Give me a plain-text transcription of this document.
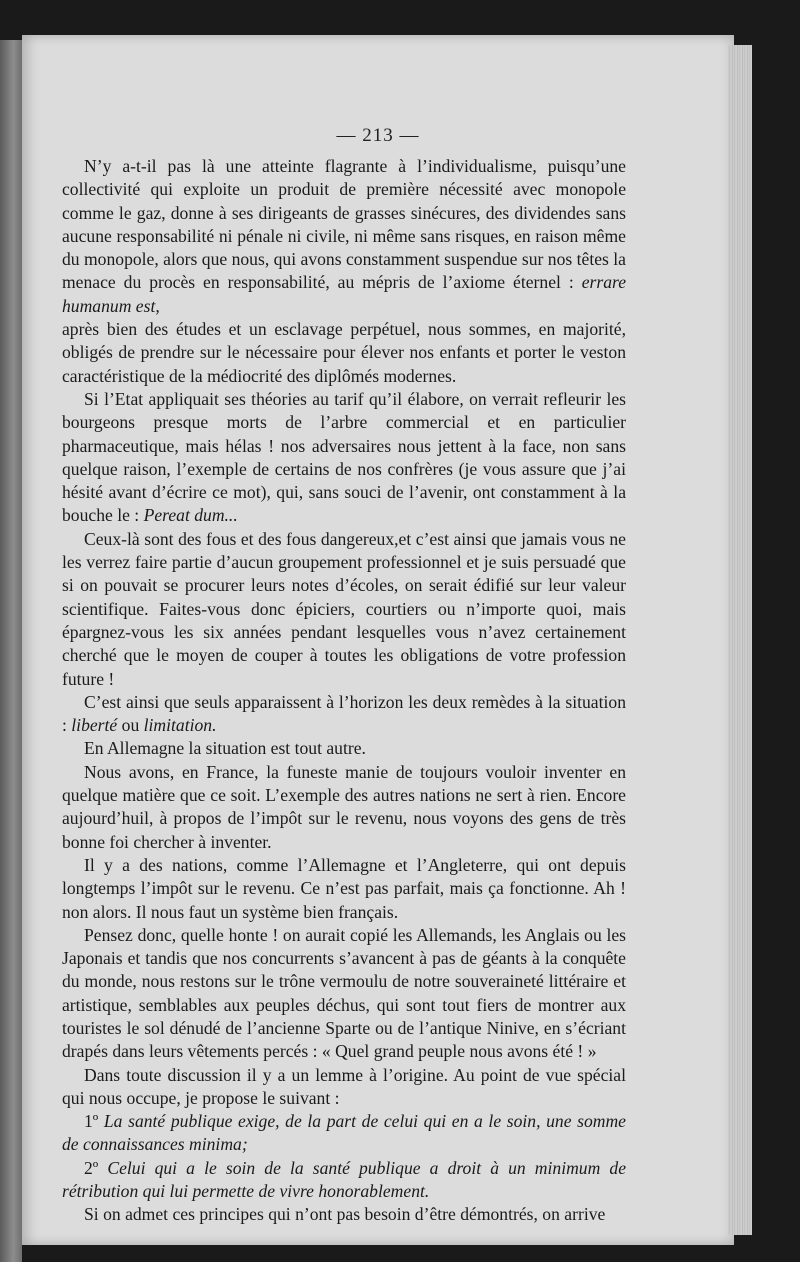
— 213 —

N’y a-t-il pas là une atteinte flagrante à l’individualisme, puisqu’une collectivité qui exploite un produit de première nécessité avec monopole comme le gaz, donne à ses dirigeants de grasses sinécures, des dividendes sans aucune responsabilité ni pénale ni civile, ni même sans risques, en raison même du monopole, alors que nous, qui avons constamment suspendue sur nos têtes la menace du procès en responsabilité, au mépris de l’axiome éternel : errare humanum est,

après bien des études et un esclavage perpétuel, nous sommes, en majorité, obligés de prendre sur le nécessaire pour élever nos enfants et porter le veston caractéristique de la médiocrité des diplômés modernes.

Si l’Etat appliquait ses théories au tarif qu’il élabore, on verrait refleurir les bourgeons presque morts de l’arbre commercial et en particulier pharmaceutique, mais hélas ! nos adversaires nous jettent à la face, non sans quelque raison, l’exemple de certains de nos confrères (je vous assure que j’ai hésité avant d’écrire ce mot), qui, sans souci de l’avenir, ont constamment à la bouche le : Pereat dum...

Ceux-là sont des fous et des fous dangereux,et c’est ainsi que jamais vous ne les verrez faire partie d’aucun groupement professionnel et je suis persuadé que si on pouvait se procurer leurs notes d’écoles, on serait édifié sur leur valeur scientifique. Faites-vous donc épiciers, courtiers ou n’importe quoi, mais épargnez-vous les six années pendant lesquelles vous n’avez certainement cherché que le moyen de couper à toutes les obligations de votre profession future !

C’est ainsi que seuls apparaissent à l’horizon les deux remèdes à la situation : liberté ou limitation.

En Allemagne la situation est tout autre.

Nous avons, en France, la funeste manie de toujours vouloir inventer en quelque matière que ce soit. L’exemple des autres nations ne sert à rien. Encore aujourd’huil, à propos de l’impôt sur le revenu, nous voyons des gens de très bonne foi chercher à inventer.

Il y a des nations, comme l’Allemagne et l’Angleterre, qui ont depuis longtemps l’impôt sur le revenu. Ce n’est pas parfait, mais ça fonctionne. Ah ! non alors. Il nous faut un système bien français.

Pensez donc, quelle honte ! on aurait copié les Allemands, les Anglais ou les Japonais et tandis que nos concurrents s’avancent à pas de géants à la conquête du monde, nous restons sur le trône vermoulu de notre souveraineté littéraire et artistique, semblables aux peuples déchus, qui sont tout fiers de montrer aux touristes le sol dénudé de l’ancienne Sparte ou de l’antique Ninive, en s’écriant drapés dans leurs vêtements percés : « Quel grand peuple nous avons été ! »

Dans toute discussion il y a un lemme à l’origine. Au point de vue spécial qui nous occupe, je propose le suivant :

1º La santé publique exige, de la part de celui qui en a le soin, une somme de connaissances minima;

2º Celui qui a le soin de la santé publique a droit à un minimum de rétribution qui lui permette de vivre honorablement.

Si on admet ces principes qui n’ont pas besoin d’être démontrés, on arrive
